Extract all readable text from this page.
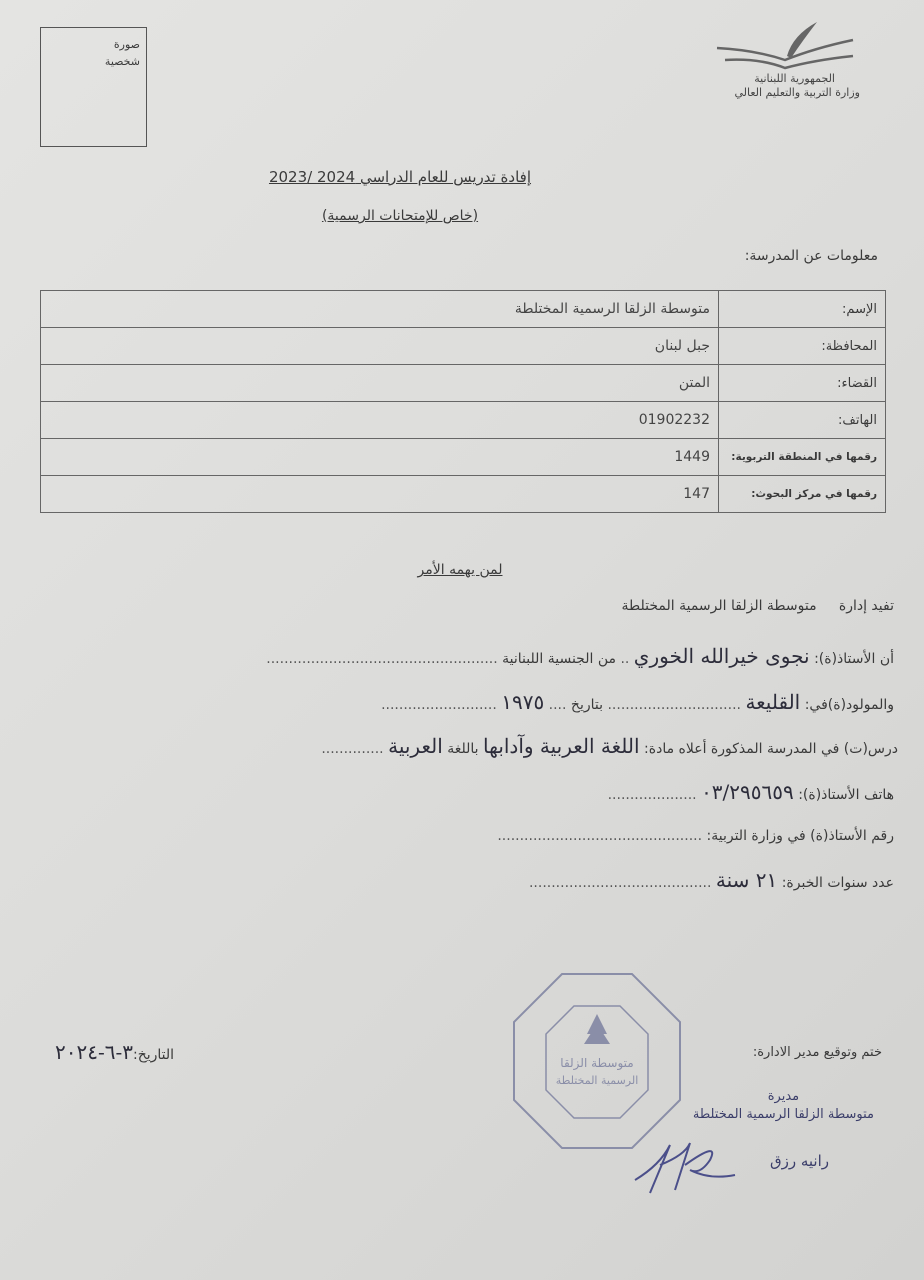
صورة
شخصية
الجمهورية اللبنانية
وزارة التربية والتعليم العالي
إفادة تدريس للعام الدراسي 2024 /2023
(خاص للإمتحانات الرسمية)
معلومات عن المدرسة:
الإسم:	متوسطة الزلقا الرسمية المختلطة
المحافظة:	جبل لبنان
القضاء:	المتن
الهاتف:	01902232
رقمها في المنطقة التربوية:	1449
رقمها في مركز البحوث:	147
لمن يهمه الأمر
تفيد إدارة     متوسطة الزلقا الرسمية المختلطة
أن الأستاذ(ة): نجوى خيرالله الخوري .. من الجنسية اللبنانية ....................................................
والمولود(ة)في: القليعة .............................. بتاريخ .... ١٩٧٥ ..........................
درس(ت) في المدرسة المذكورة أعلاه مادة: اللغة العربية وآدابها باللغة العربية ..............
هاتف الأستاذ(ة): ٠٣/٢٩٥٦٥٩ ....................
رقم الأستاذ(ة) في وزارة التربية: ..............................................
عدد سنوات الخبرة: ٢١ سنة .........................................
متوسطة الزلقا
الرسمية المختلطة
ختم وتوقيع مدير الادارة:
التاريخ:٣-٦-٢٠٢٤
مديرة
متوسطة الزلقا الرسمية المختلطة
رانيه رزق
